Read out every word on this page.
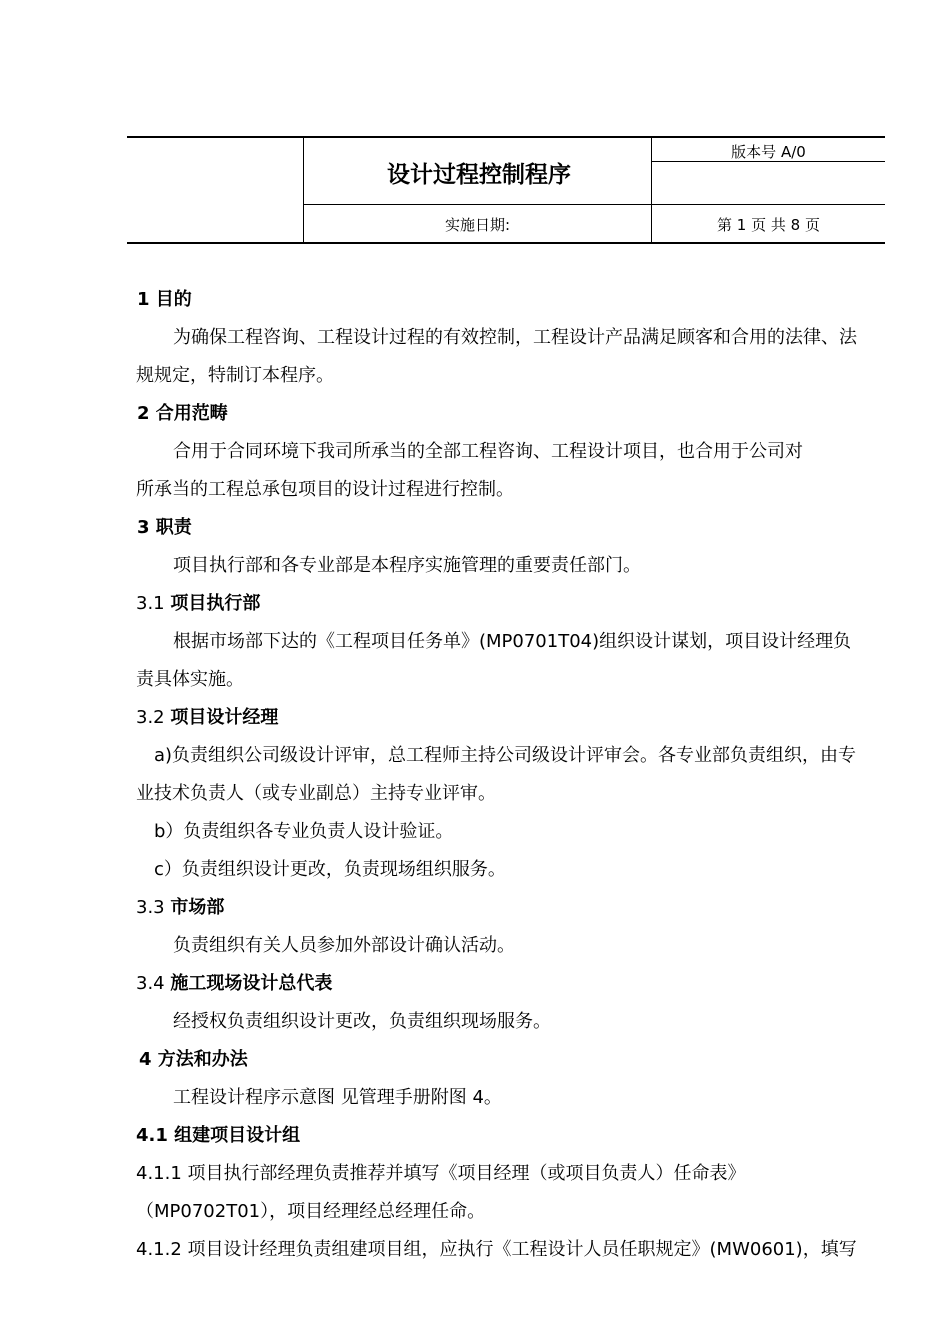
设计过程控制程序
版本号 A/0
实施日期:	第 1 页 共 8 页
1 目的
为确保工程咨询、工程设计过程的有效控制，工程设计产品满足顾客和合用的法律、法
规规定，特制订本程序。
2 合用范畴
合用于合同环境下我司所承当的全部工程咨询、工程设计项目，也合用于公司对
所承当的工程总承包项目的设计过程进行控制。
3 职责
项目执行部和各专业部是本程序实施管理的重要责任部门。
3.1 项目执行部
根据市场部下达的《工程项目任务单》(MP0701T04)组织设计谋划，项目设计经理负
责具体实施。
3.2 项目设计经理
a)负责组织公司级设计评审，总工程师主持公司级设计评审会。各专业部负责组织，由专
业技术负责人（或专业副总）主持专业评审。
b）负责组织各专业负责人设计验证。
c）负责组织设计更改，负责现场组织服务。
3.3 市场部
负责组织有关人员参加外部设计确认活动。
3.4 施工现场设计总代表
经授权负责组织设计更改，负责组织现场服务。
4 方法和办法
工程设计程序示意图 见管理手册附图 4。
4.1 组建项目设计组
4.1.1 项目执行部经理负责推荐并填写《项目经理（或项目负责人）任命表》
（MP0702T01），项目经理经总经理任命。
4.1.2 项目设计经理负责组建项目组，应执行《工程设计人员任职规定》(MW0601)，填写
